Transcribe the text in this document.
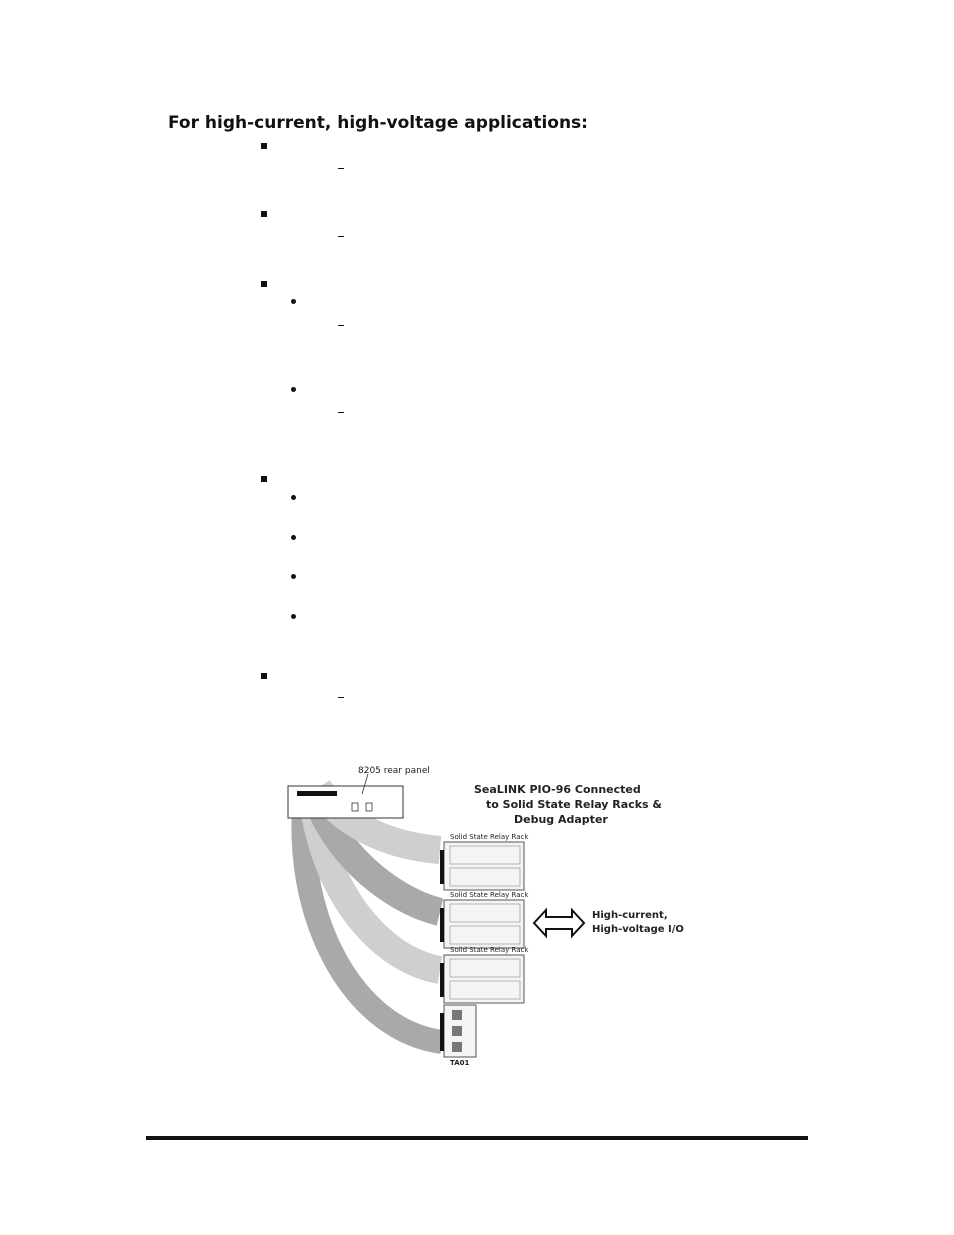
For high-current, high-voltage applications:
8205 rear panel
SeaLINK PIO-96 Connected
to Solid State Relay Racks &
Debug Adapter
Solid State Relay Rack
Solid State Relay Rack
Solid State Relay Rack
TA01
High-current,
High-voltage I/O
